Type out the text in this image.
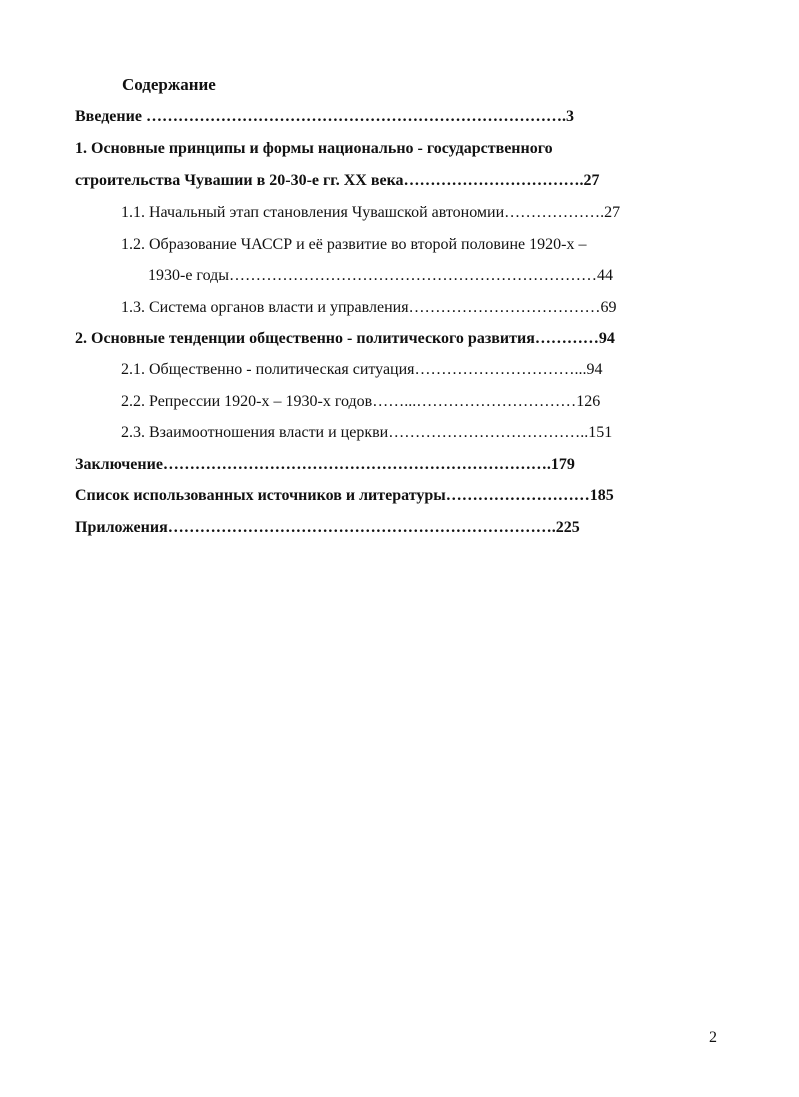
Содержание
Введение …………………………………………………………………….3
1. Основные принципы и формы национально - государственного
строительства Чувашии в 20-30-е гг. XX века…………………………….27
1.1. Начальный этап становления Чувашской автономии……………….27
1.2. Образование ЧАССР и её развитие во второй половине 1920-х –
1930-е годы……………………………………………………………44
1.3. Система органов власти и управления………………………………69
2. Основные тенденции общественно - политического развития…………94
2.1. Общественно - политическая ситуация…………………………...94
2.2. Репрессии 1920-х – 1930-х годов……...…………………………126
2.3. Взаимоотношения власти и церкви………………………………..151
Заключение……………………………………………………………….179
Список использованных источников и литературы………………………185
Приложения……………………………………………………………….225
2
